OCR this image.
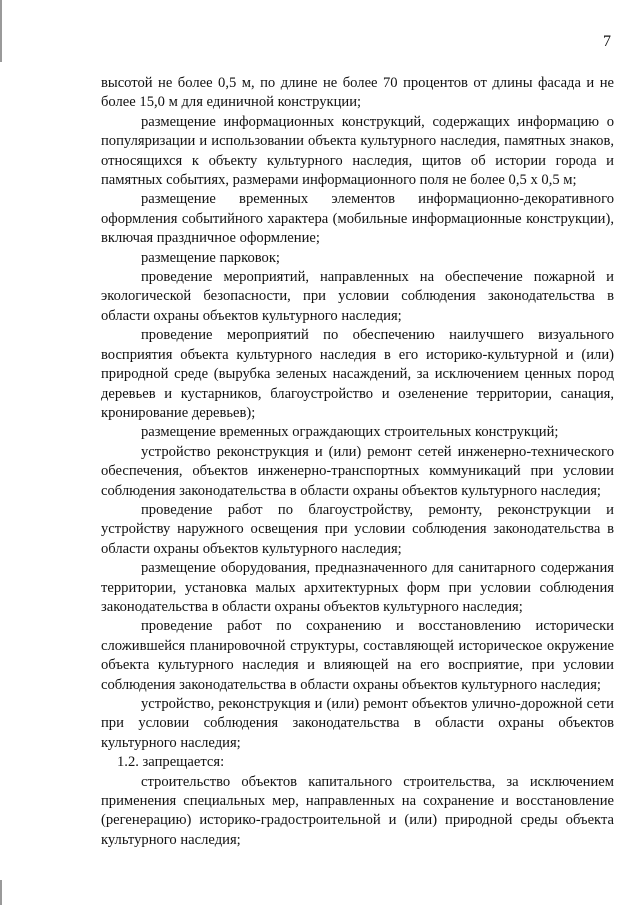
7

высотой не более 0,5 м, по длине не более 70 процентов от длины фасада и не более 15,0 м для единичной конструкции;

размещение информационных конструкций, содержащих информацию о популяризации и использовании объекта культурного наследия, памятных знаков, относящихся к объекту культурного наследия, щитов об истории города и памятных событиях, размерами информационного поля не более 0,5 х 0,5 м;

размещение временных элементов информационно-декоративного оформления событийного характера (мобильные информационные конструкции), включая праздничное оформление;

размещение парковок;

проведение мероприятий, направленных на обеспечение пожарной и экологической безопасности, при условии соблюдения законодательства в области охраны объектов культурного наследия;

проведение мероприятий по обеспечению наилучшего визуального восприятия объекта культурного наследия в его историко-культурной и (или) природной среде (вырубка зеленых насаждений, за исключением ценных пород деревьев и кустарников, благоустройство и озеленение территории, санация, кронирование деревьев);

размещение временных ограждающих строительных конструкций;

устройство реконструкция и (или) ремонт сетей инженерно-технического обеспечения, объектов инженерно-транспортных коммуникаций при условии соблюдения законодательства в области охраны объектов культурного наследия;

проведение работ по благоустройству, ремонту, реконструкции и устройству наружного освещения при условии соблюдения законодательства в области охраны объектов культурного наследия;

размещение оборудования, предназначенного для санитарного содержания территории, установка малых архитектурных форм при условии соблюдения законодательства в области охраны объектов культурного наследия;

проведение работ по сохранению и восстановлению исторически сложившейся планировочной структуры, составляющей историческое окружение объекта культурного наследия и влияющей на его восприятие, при условии соблюдения законодательства в области охраны объектов культурного наследия;

устройство, реконструкция и (или) ремонт объектов улично-дорожной сети при условии соблюдения законодательства в области охраны объектов культурного наследия;

1.2. запрещается:

строительство объектов капитального строительства, за исключением применения специальных мер, направленных на сохранение и восстановление (регенерацию) историко-градостроительной и (или) природной среды объекта культурного наследия;
